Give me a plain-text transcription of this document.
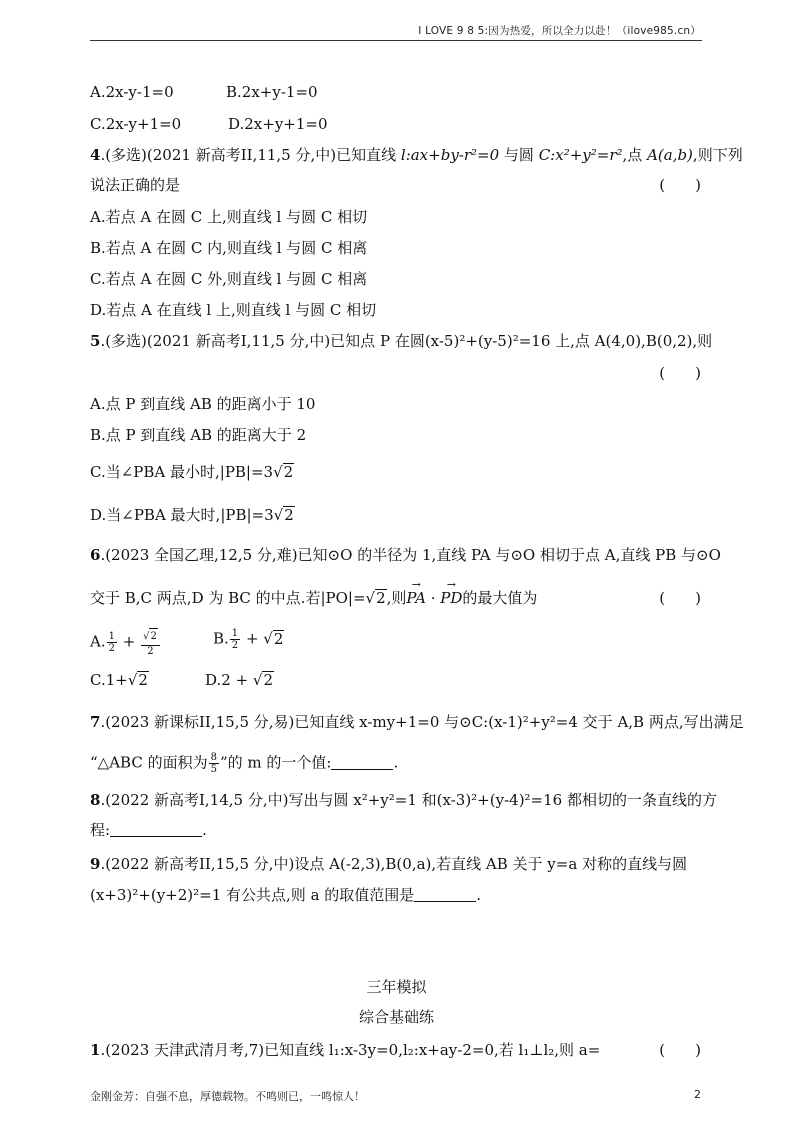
I LOVE 9 8 5:因为热爱，所以全力以赴！（ilove985.cn）
A.2x-y-1=0	B.2x+y-1=0
C.2x-y+1=0	D.2x+y+1=0
4.(多选)(2021 新高考II,11,5 分,中)已知直线 l:ax+by-r²=0 与圆 C:x²+y²=r²,点 A(a,b),则下列
说法正确的是	(　　)
A.若点 A 在圆 C 上,则直线 l 与圆 C 相切
B.若点 A 在圆 C 内,则直线 l 与圆 C 相离
C.若点 A 在圆 C 外,则直线 l 与圆 C 相离
D.若点 A 在直线 l 上,则直线 l 与圆 C 相切
5.(多选)(2021 新高考I,11,5 分,中)已知点 P 在圆(x-5)²+(y-5)²=16 上,点 A(4,0),B(0,2),则
(　　)
A.点 P 到直线 AB 的距离小于 10
B.点 P 到直线 AB 的距离大于 2
C.当∠PBA 最小时,|PB|=3√2
D.当∠PBA 最大时,|PB|=3√2
6.(2023 全国乙理,12,5 分,难)已知⊙O 的半径为 1,直线 PA 与⊙O 相切于点 A,直线 PB 与⊙O
交于 B,C 两点,D 为 BC 的中点.若|PO|=√2,则→ PA · → PD的最大值为	(　　)
A. $\frac{1}{2} + \frac{√2}{2}$	B. $\frac{1}{2} + √2$
C.1+√2	D.2 + √2
7.(2023 新课标II,15,5 分,易)已知直线 x-my+1=0 与⊙C:(x-1)²+y²=4 交于 A,B 两点,写出满足
“△ABC 的面积为 $\frac{8}{5}$ ”的 m 的一个值:	.
8.(2022 新高考I,14,5 分,中)写出与圆 x²+y²=1 和(x-3)²+(y-4)²=16 都相切的一条直线的方
程:	.
9.(2022 新高考II,15,5 分,中)设点 A(-2,3),B(0,a),若直线 AB 关于 y=a 对称的直线与圆
(x+3)²+(y+2)²=1 有公共点,则 a 的取值范围是	.
三年模拟
综合基础练
1.(2023 天津武清月考,7)已知直线 l₁:x-3y=0,l₂:x+ay-2=0,若 l₁⊥l₂,则 a=	(　　)
金刚金芳：自强不息，厚德载物。不鸣则已，一鸣惊人！	2
